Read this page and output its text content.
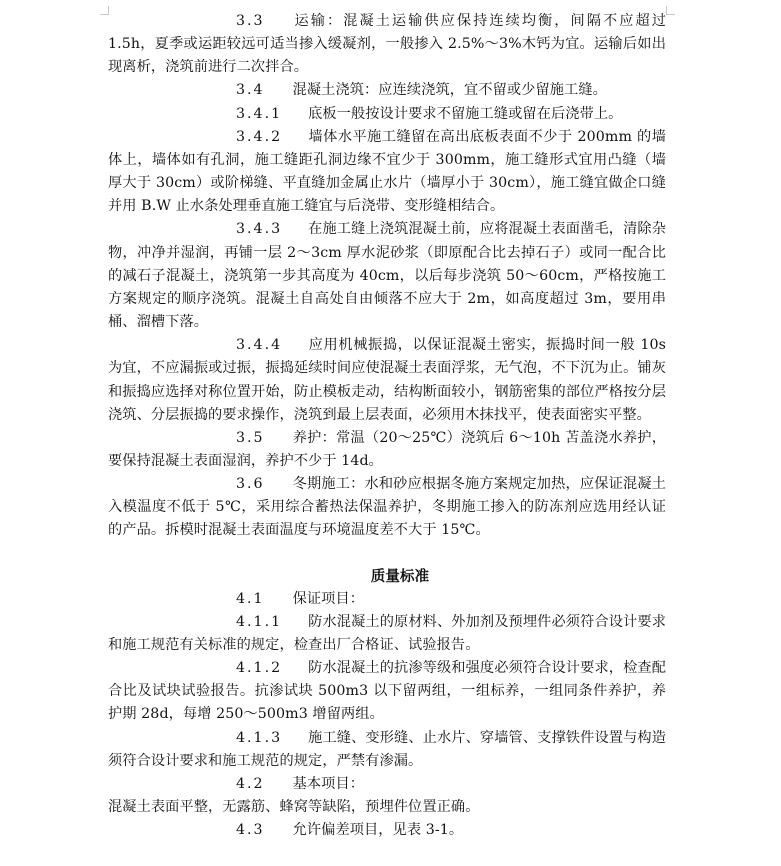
3.3 运输：混凝土运输供应保持连续均衡，间隔不应超过 1.5h，夏季或运距较远可适当掺入缓凝剂，一般掺入 2.5%～3%木钙为宜。运输后如出现离析，浇筑前进行二次拌合。

3.4 混凝土浇筑：应连续浇筑，宜不留或少留施工缝。

3.4.1 底板一般按设计要求不留施工缝或留在后浇带上。

3.4.2 墙体水平施工缝留在高出底板表面不少于 200mm 的墙体上，墙体如有孔洞，施工缝距孔洞边缘不宜少于 300mm，施工缝形式宜用凸缝（墙厚大于 30cm）或阶梯缝、平直缝加金属止水片（墙厚小于 30cm），施工缝宜做企口缝并用 B.W 止水条处理垂直施工缝宜与后浇带、变形缝相结合。

3.4.3 在施工缝上浇筑混凝土前，应将混凝土表面凿毛，清除杂物，冲净并湿润，再铺一层 2～3cm 厚水泥砂浆（即原配合比去掉石子）或同一配合比的减石子混凝土，浇筑第一步其高度为 40cm，以后每步浇筑 50～60cm，严格按施工方案规定的顺序浇筑。混凝土自高处自由倾落不应大于 2m，如高度超过 3m，要用串桶、溜槽下落。

3.4.4 应用机械振捣，以保证混凝土密实，振捣时间一般 10s 为宜，不应漏振或过振，振捣延续时间应使混凝土表面浮浆，无气泡，不下沉为止。铺灰和振捣应选择对称位置开始，防止模板走动，结构断面较小，钢筋密集的部位严格按分层浇筑、分层振捣的要求操作，浇筑到最上层表面，必须用木抹找平，使表面密实平整。

3.5 养护：常温（20～25℃）浇筑后 6～10h 苫盖浇水养护，要保持混凝土表面湿润，养护不少于 14d。

3.6 冬期施工：水和砂应根据冬施方案规定加热，应保证混凝土入模温度不低于 5℃，采用综合蓄热法保温养护，冬期施工掺入的防冻剂应选用经认证的产品。拆模时混凝土表面温度与环境温度差不大于 15℃。

质量标准

4.1 保证项目：

4.1.1 防水混凝土的原材料、外加剂及预埋件必须符合设计要求和施工规范有关标准的规定，检查出厂合格证、试验报告。

4.1.2 防水混凝土的抗渗等级和强度必须符合设计要求，检查配合比及试块试验报告。抗渗试块 500m3 以下留两组，一组标养，一组同条件养护，养护期 28d，每增 250～500m3 增留两组。

4.1.3 施工缝、变形缝、止水片、穿墙管、支撑铁件设置与构造须符合设计要求和施工规范的规定，严禁有渗漏。

4.2 基本项目：

混凝土表面平整，无露筋、蜂窝等缺陷，预埋件位置正确。

4.3 允许偏差项目，见表 3-1。
